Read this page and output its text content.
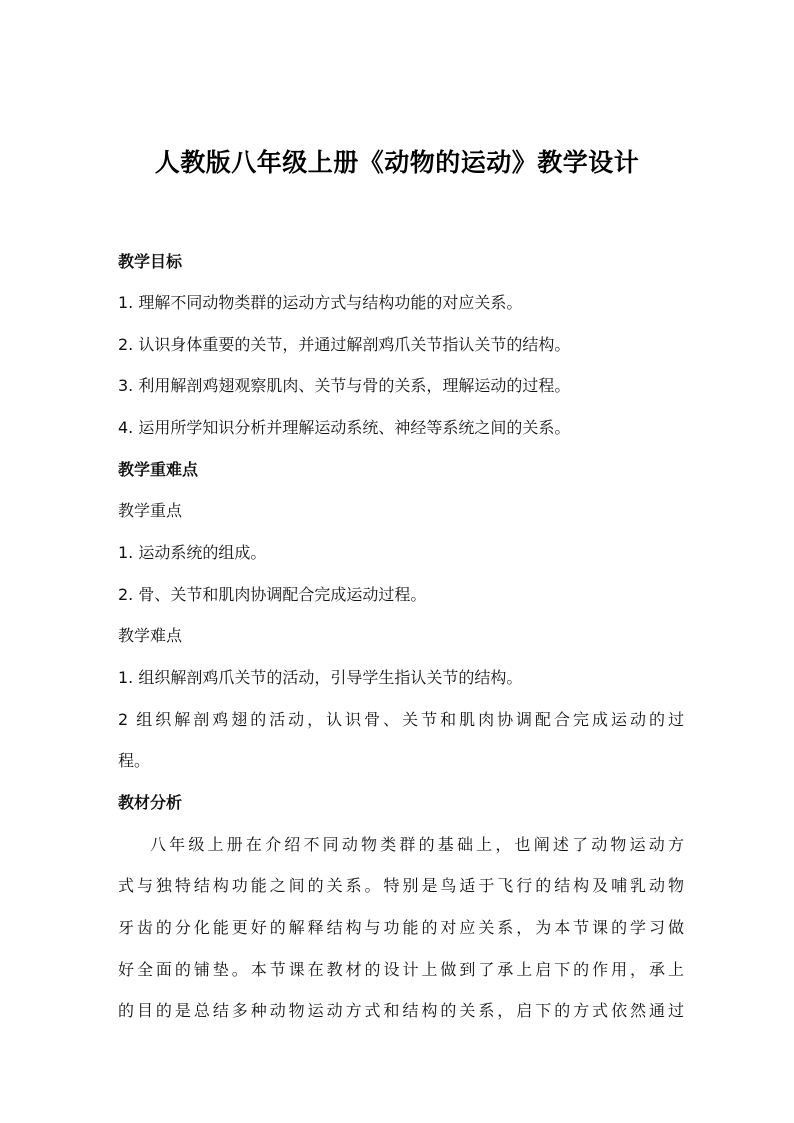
人教版八年级上册《动物的运动》教学设计
教学目标
1. 理解不同动物类群的运动方式与结构功能的对应关系。
2. 认识身体重要的关节，并通过解剖鸡爪关节指认关节的结构。
3. 利用解剖鸡翅观察肌肉、关节与骨的关系，理解运动的过程。
4. 运用所学知识分析并理解运动系统、神经等系统之间的关系。
教学重难点
教学重点
1. 运动系统的组成。
2. 骨、关节和肌肉协调配合完成运动过程。
教学难点
1. 组织解剖鸡爪关节的活动，引导学生指认关节的结构。
2 组织解剖鸡翅的活动，认识骨、关节和肌肉协调配合完成运动的过
程。
教材分析
八年级上册在介绍不同动物类群的基础上，也阐述了动物运动方
式与独特结构功能之间的关系。特别是鸟适于飞行的结构及哺乳动物
牙齿的分化能更好的解释结构与功能的对应关系，为本节课的学习做
好全面的铺垫。本节课在教材的设计上做到了承上启下的作用，承上
的目的是总结多种动物运动方式和结构的关系，启下的方式依然通过
